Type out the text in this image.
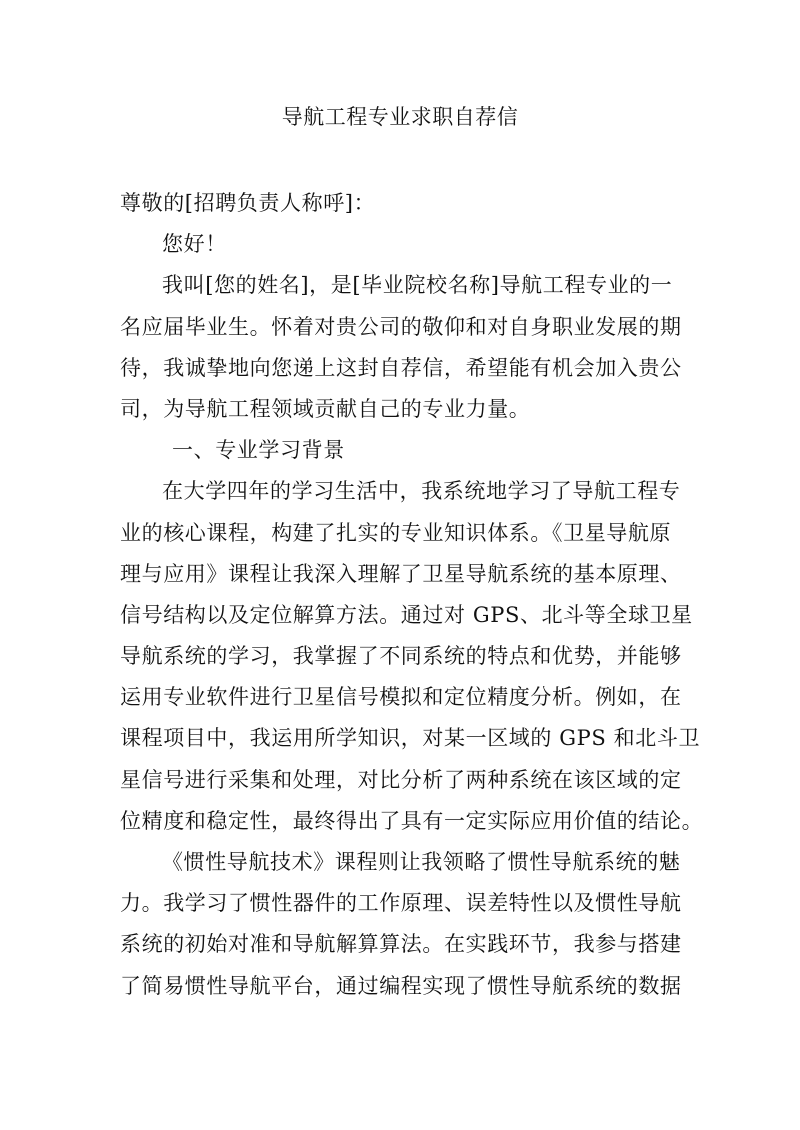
导航工程专业求职自荐信
尊敬的[招聘负责人称呼]：
您好！
我叫[您的姓名]，是[毕业院校名称]导航工程专业的一
名应届毕业生。怀着对贵公司的敬仰和对自身职业发展的期
待，我诚挚地向您递上这封自荐信，希望能有机会加入贵公
司，为导航工程领域贡献自己的专业力量。
一、专业学习背景
在大学四年的学习生活中，我系统地学习了导航工程专
业的核心课程，构建了扎实的专业知识体系。《卫星导航原
理与应用》课程让我深入理解了卫星导航系统的基本原理、
信号结构以及定位解算方法。通过对 GPS、北斗等全球卫星
导航系统的学习，我掌握了不同系统的特点和优势，并能够
运用专业软件进行卫星信号模拟和定位精度分析。例如，在
课程项目中，我运用所学知识，对某一区域的 GPS 和北斗卫
星信号进行采集和处理，对比分析了两种系统在该区域的定
位精度和稳定性，最终得出了具有一定实际应用价值的结论。
《惯性导航技术》课程则让我领略了惯性导航系统的魅
力。我学习了惯性器件的工作原理、误差特性以及惯性导航
系统的初始对准和导航解算算法。在实践环节，我参与搭建
了简易惯性导航平台，通过编程实现了惯性导航系统的数据
